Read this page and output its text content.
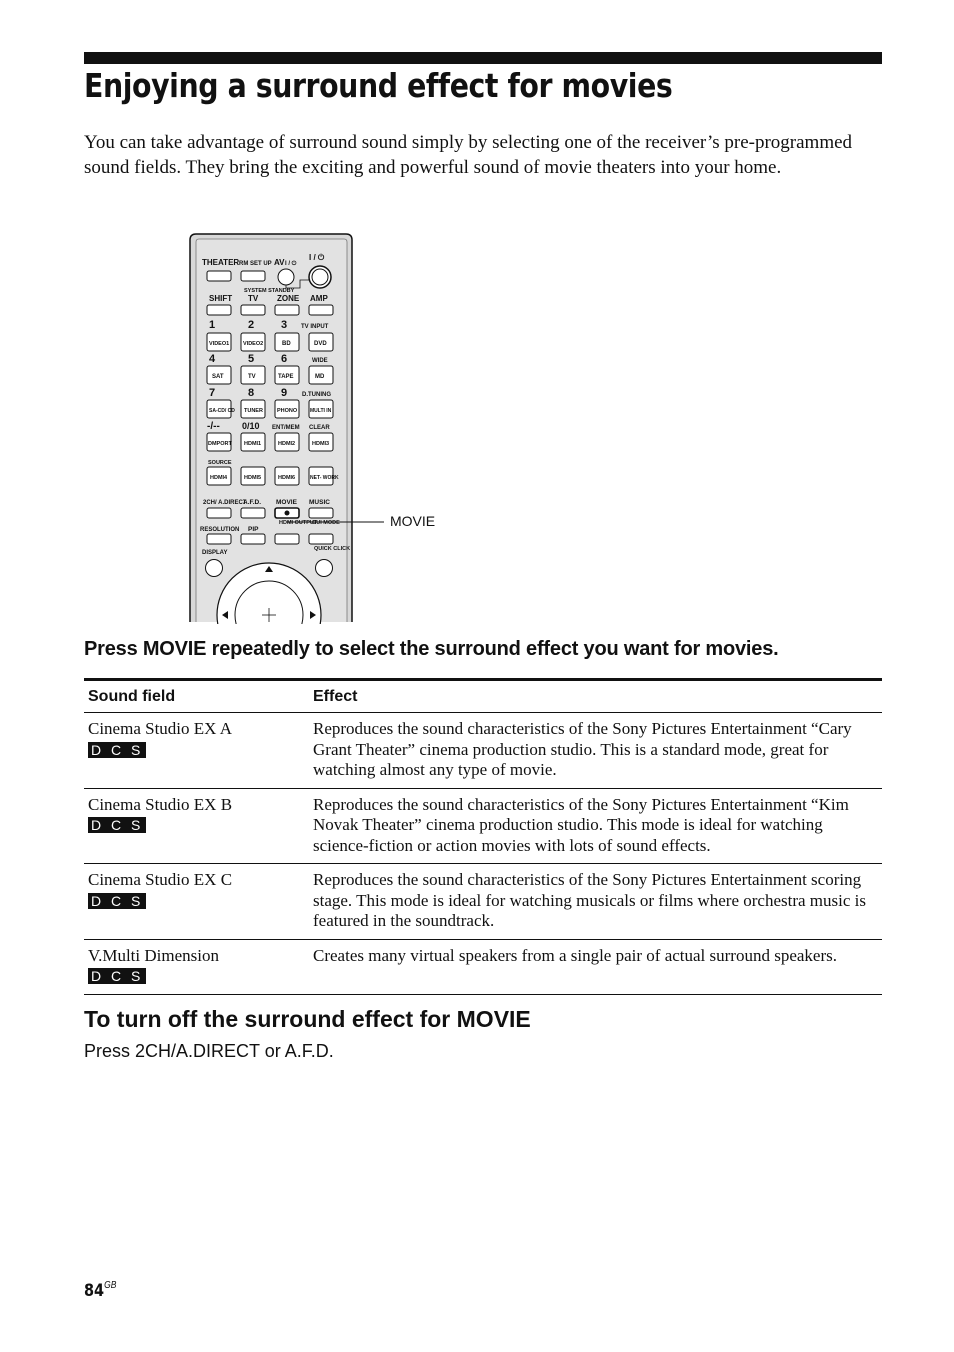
Enjoying a surround effect for movies

You can take advantage of surround sound simply by selecting one of the receiver’s pre-programmed sound fields. They bring the exciting and powerful sound of movie theaters into your home.

THEATER RM SET UP AV I / ⏻
I / ⏻
SYSTEM STANDBY
SHIFT TV ZONE AMP
1	2 3 TV INPUT
VIDEO1	VIDEO2	BD	DVD
4	5 6	WIDE
SAT	TV	TAPE	MD
7	8 9 D.TUNING
SA-CD/ CD TUNER	PHONO	MULTI IN
-/-- 0/10 ENT/MEM CLEAR
DMPORT HDMI1	HDMI2	HDMI3
SOURCE
HDMI4	HDMI5	HDMI6	NET- WORK
2CH/ A.DIRECT
A.F.D. MOVIE MUSIC
HDMI OUTPUT
GUI MODE
RESOLUTION PIP
DISPLAY
QUICK CLICK
MOVIE

Press MOVIE repeatedly to select the surround effect you want for movies.

Sound field	Effect

Cinema Studio EX A
D C S	Reproduces the sound characteristics of the Sony Pictures Entertainment “Cary Grant Theater” cinema production studio. This is a standard mode, great for watching almost any type of movie.

Cinema Studio EX B
D C S	Reproduces the sound characteristics of the Sony Pictures Entertainment “Kim Novak Theater” cinema production studio. This mode is ideal for watching science-fiction or action movies with lots of sound effects.

Cinema Studio EX C
D C S	Reproduces the sound characteristics of the Sony Pictures Entertainment scoring stage. This mode is ideal for watching musicals or films where orchestra music is featured in the soundtrack.

V.Multi Dimension
D C S	Creates many virtual speakers from a single pair of actual surround speakers.
To turn off the surround effect for MOVIE

Press 2CH/A.DIRECT or A.F.D.

$84^{GB}$
